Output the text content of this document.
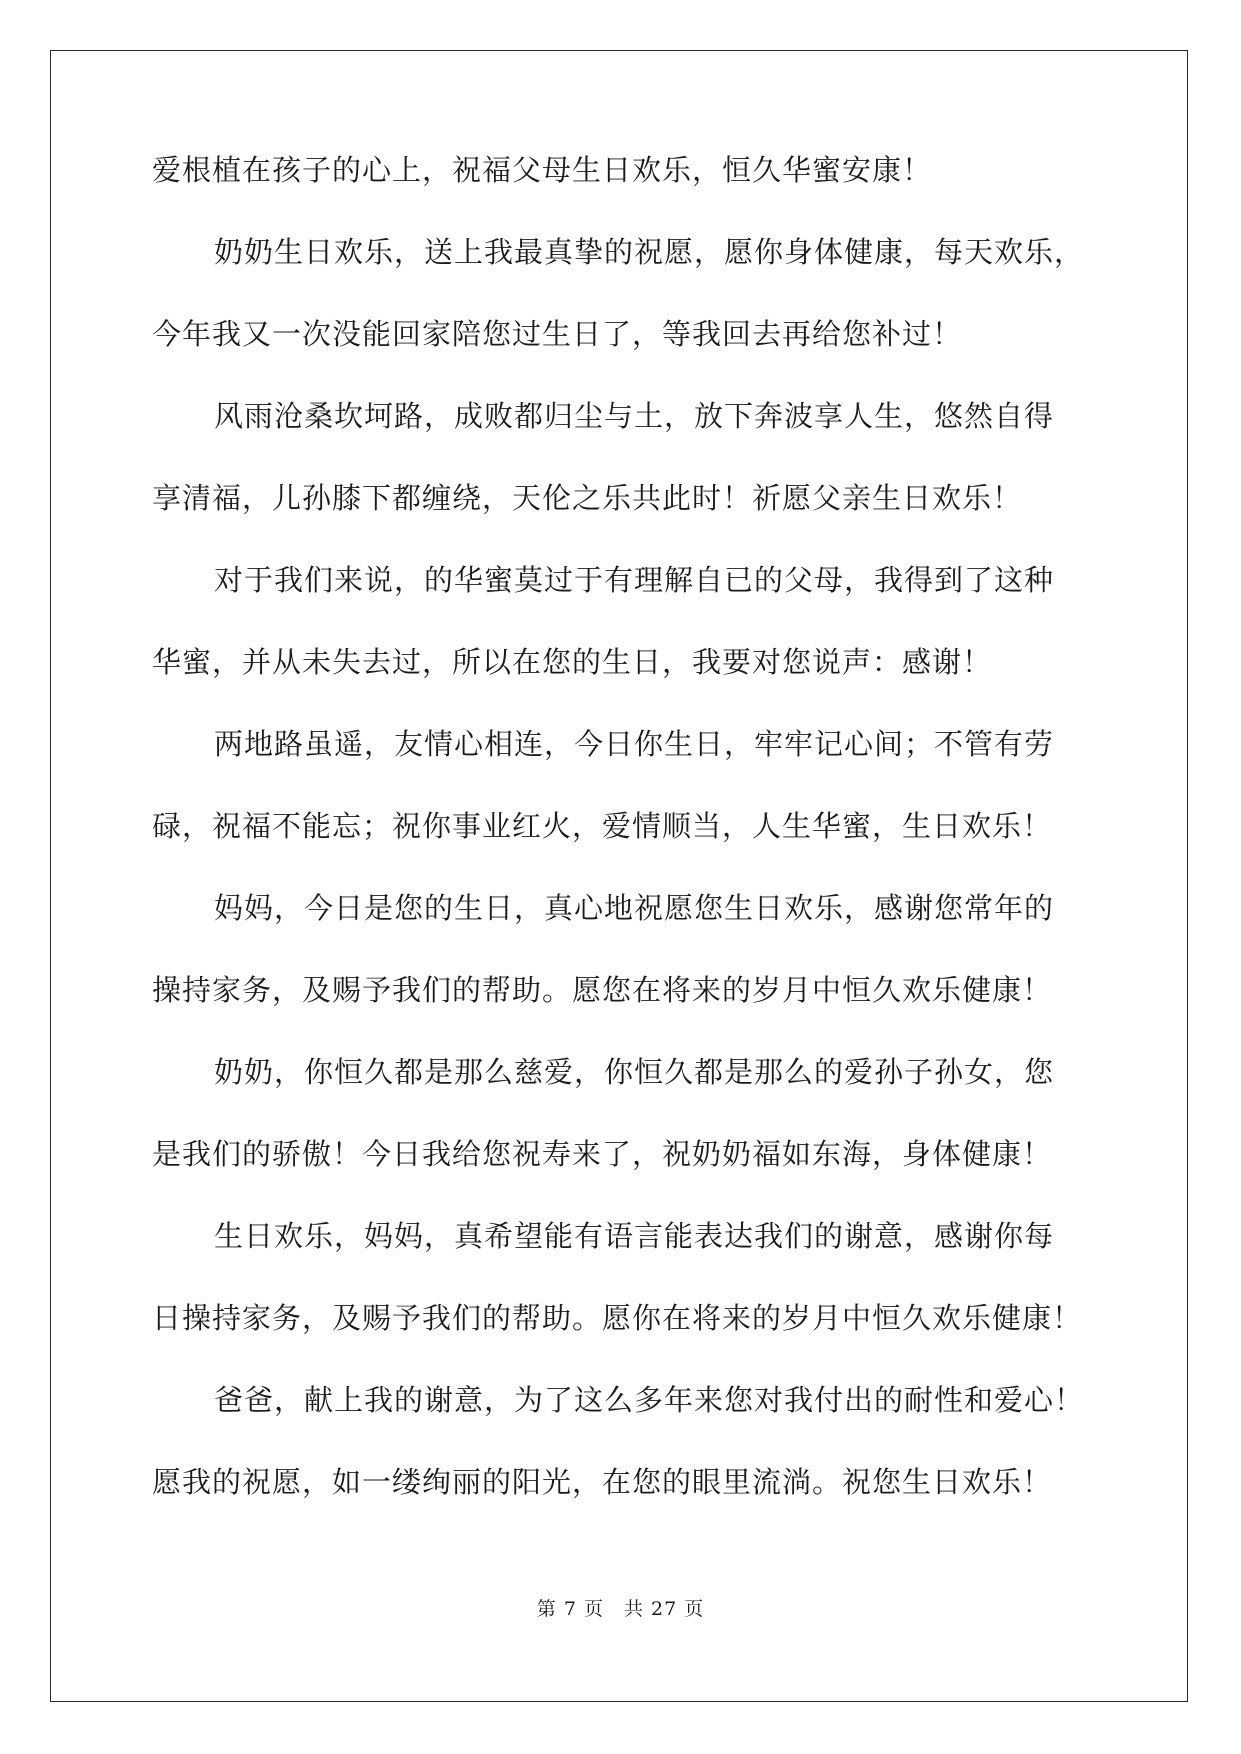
爱根植在孩子的心上，祝福父母生日欢乐，恒久华蜜安康！

奶奶生日欢乐，送上我最真挚的祝愿，愿你身体健康，每天欢乐，
今年我又一次没能回家陪您过生日了，等我回去再给您补过！

风雨沧桑坎坷路，成败都归尘与土，放下奔波享人生，悠然自得
享清福，儿孙膝下都缠绕，天伦之乐共此时！祈愿父亲生日欢乐！

对于我们来说，的华蜜莫过于有理解自已的父母，我得到了这种
华蜜，并从未失去过，所以在您的生日，我要对您说声：感谢！

两地路虽遥，友情心相连，今日你生日，牢牢记心间；不管有劳
碌，祝福不能忘；祝你事业红火，爱情顺当，人生华蜜，生日欢乐！

妈妈，今日是您的生日，真心地祝愿您生日欢乐，感谢您常年的
操持家务，及赐予我们的帮助。愿您在将来的岁月中恒久欢乐健康！

奶奶，你恒久都是那么慈爱，你恒久都是那么的爱孙子孙女，您
是我们的骄傲！今日我给您祝寿来了，祝奶奶福如东海，身体健康！

生日欢乐，妈妈，真希望能有语言能表达我们的谢意，感谢你每
日操持家务，及赐予我们的帮助。愿你在将来的岁月中恒久欢乐健康！

爸爸，献上我的谢意，为了这么多年来您对我付出的耐性和爱心！
愿我的祝愿，如一缕绚丽的阳光，在您的眼里流淌。祝您生日欢乐！

第 7 页　共 27 页
